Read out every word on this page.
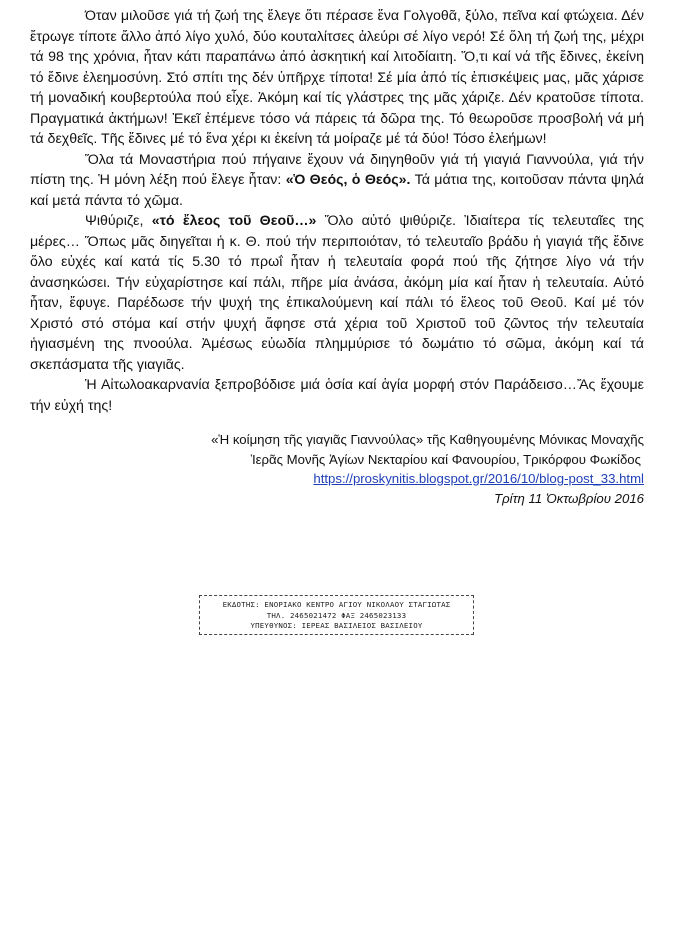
Όταν μιλοῦσε γιά τή ζωή της ἔλεγε ὅτι πέρασε ἕνα Γολγοθᾶ, ξύλο, πεῖνα καί φτώχεια. Δέν ἔτρωγε τίποτε ἄλλο ἀπό λίγο χυλό, δύο κουταλίτσες ἀλεύρι σέ λίγο νερό! Σέ ὅλη τή ζωή της, μέχρι τά 98 της χρόνια, ἦταν κάτι παραπάνω ἀπό ἀσκητική καί λιτοδίαιτη. Ὅ,τι καί νά τῆς ἔδινες, ἐκείνη τό ἔδινε ἐλεημοσύνη. Στό σπίτι της δέν ὑπῆρχε τίποτα! Σέ μία ἀπό τίς ἐπισκέψεις μας, μᾶς χάρισε τή μοναδική κουβερτούλα πού εἶχε. Ἀκόμη καί τίς γλάστρες της μᾶς χάριζε. Δέν κρατοῦσε τίποτα. Πραγματικά ἀκτήμων! Ἐκεῖ ἐπέμενε τόσο νά πάρεις τά δῶρα της. Τό θεωροῦσε προσβολή νά μή τά δεχθεῖς. Τῆς ἔδινες μέ τό ἕνα χέρι κι ἐκείνη τά μοίραζε μέ τά δύο! Τόσο ἐλεήμων!

Ὅλα τά Μοναστήρια πού πήγαινε ἔχουν νά διηγηθοῦν γιά τή γιαγιά Γιαννούλα, γιά τήν πίστη της. Ἡ μόνη λέξη πού ἔλεγε ἦταν: «Ὁ Θεός, ὁ Θεός». Τά μάτια της, κοιτοῦσαν πάντα ψηλά καί μετά πάντα τό χῶμα.

Ψιθύριζε, «τό ἔλεος τοῦ Θεοῦ…» Ὅλο αὐτό ψιθύριζε. Ἰδιαίτερα τίς τελευταῖες της μέρες… Ὅπως μᾶς διηγεῖται ἡ κ. Θ. πού τήν περιποιόταν, τό τελευταῖο βράδυ ἡ γιαγιά τῆς ἔδινε ὅλο εὐχές καί κατά τίς 5.30 τό πρωΐ ἦταν ἡ τελευταία φορά πού τῆς ζήτησε λίγο νά τήν ἀνασηκώσει. Τήν εὐχαρίστησε καί πάλι, πῆρε μία ἀνάσα, ἀκόμη μία καί ἦταν ἡ τελευταία. Αὐτό ἦταν, ἔφυγε. Παρέδωσε τήν ψυχή της ἐπικαλούμενη καί πάλι τό ἔλεος τοῦ Θεοῦ. Καί μέ τόν Χριστό στό στόμα καί στήν ψυχή ἄφησε στά χέρια τοῦ Χριστοῦ τοῦ ζῶντος τήν τελευταία ἡγιασμένη της πνοούλα. Ἀμέσως εὐωδία πλημμύρισε τό δωμάτιο τό σῶμα, ἀκόμη καί τά σκεπάσματα τῆς γιαγιᾶς.

Ἡ Αἰτωλοακαρνανία ξεπροβόδισε μιά ὁσία καί ἁγία μορφή στόν Παράδεισο…Ἄς ἔχουμε τήν εὐχή της!

«Ἡ κοίμηση τῆς γιαγιᾶς Γιαννούλας» τῆς Καθηγουμένης Μόνικας Μοναχῆς
Ἱερᾶς Μονῆς Ἁγίων Νεκταρίου καί Φανουρίου, Τρικόρφου Φωκίδος
https://proskynitis.blogspot.gr/2016/10/blog-post_33.html
Τρίτη 11 Ὀκτωβρίου 2016
ΕΚΔΟΤΗΣ: ΕΝΟΡΙΑΚΟ ΚΕΝΤΡΟ ΑΓΙΟΥ ΝΙΚΟΛΑΟΥ ΣΤΑΓΙΩΤΑΣ
ΤΗΛ. 2465021472 ΦΑΞ 2465023133
ΥΠΕΥΘΥΝΟΣ: ΙΕΡΕΑΣ ΒΑΣΙΛΕΙΟΣ ΒΑΣΙΛΕΙΟΥ
